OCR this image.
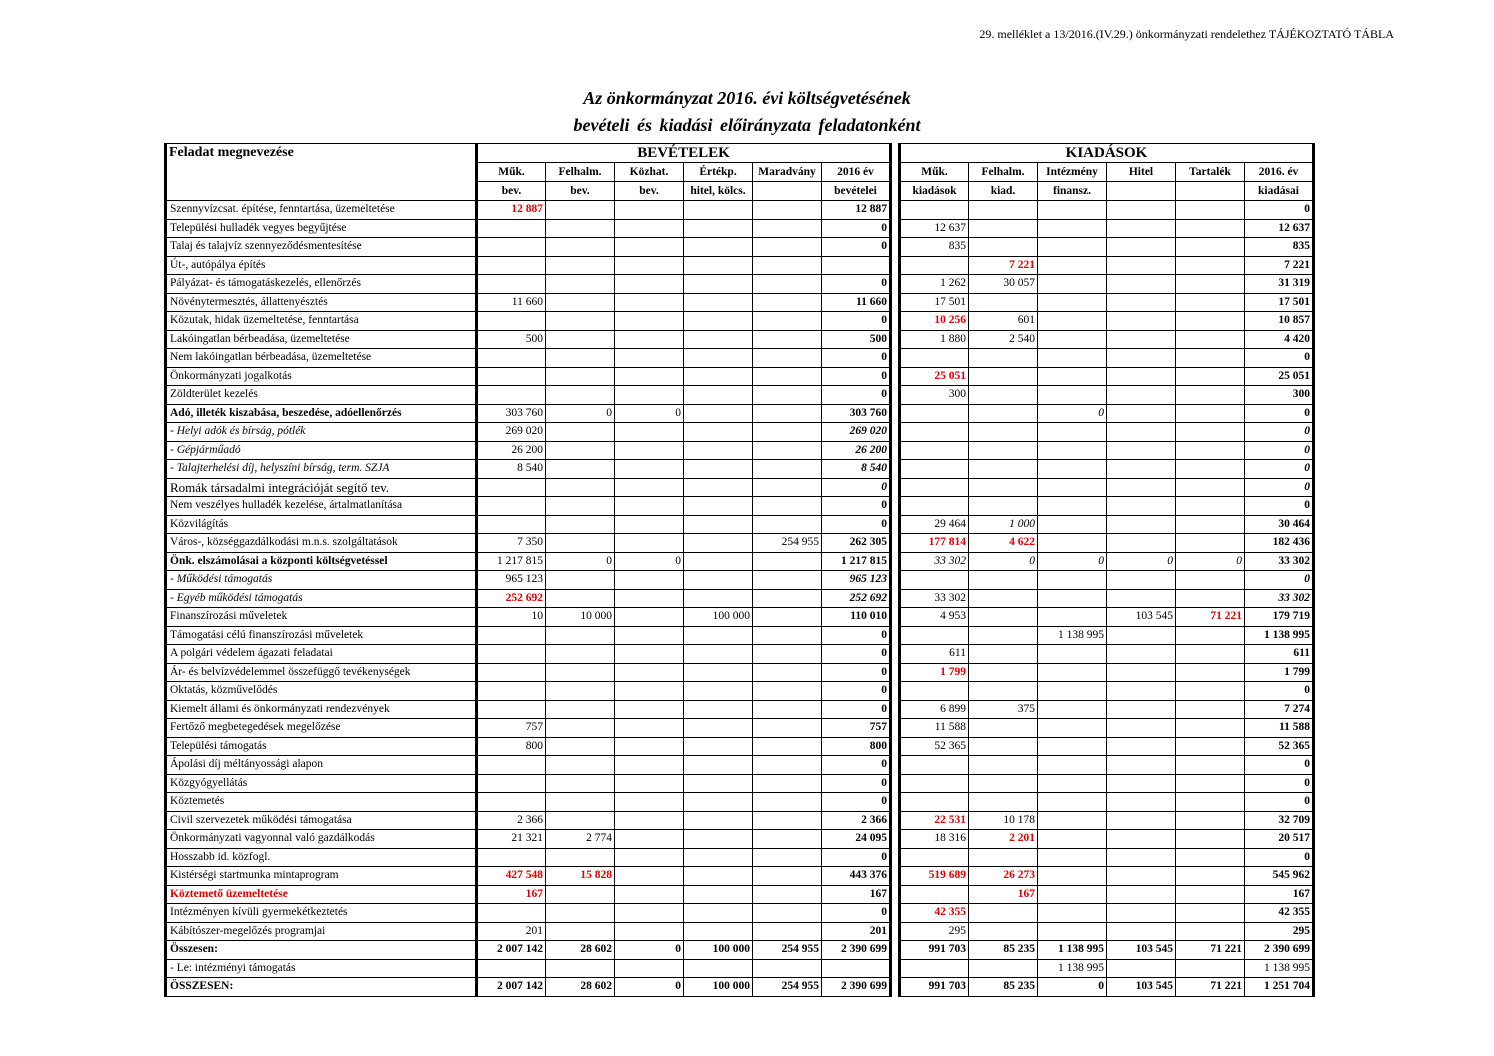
29. melléklet a 13/2016.(IV.29.) önkormányzati rendelethez TÁJÉKOZTATÓ TÁBLA
Az önkormányzat 2016. évi költségvetésének
bevételi és kiadási előirányzata feladatonként
Feladat megnevezése	BEVÉTELEK							KIADÁSOK					
	Műk.	Felhalm.	Közhat.	Értékp.	Maradvány	2016 év		Műk.	Felhalm.	Intézmény	Hitel	Tartalék	2016. év
	bev.	bev.	bev.	hitel, kölcs.		bevételei		kiadások	kiad.	finansz.			kiadásai
Szennyvízcsat. építése, fenntartása, üzemeltetése	12 887					12 887							0
Települési hulladék vegyes begyűjtése						0		12 637					12 637
Talaj és talajvíz szennyeződésmentesítése						0		835					835
Út-, autópálya építés									7 221				7 221
Pályázat- és támogatáskezelés, ellenőrzés						0		1 262	30 057				31 319
Növénytermesztés, állattenyésztés	11 660					11 660		17 501					17 501
Közutak, hidak üzemeltetése, fenntartása						0		10 256	601				10 857
Lakóingatlan bérbeadása, üzemeltetése	500					500		1 880	2 540				4 420
Nem lakóingatlan bérbeadása, üzemeltetése						0							0
Önkormányzati jogalkotás						0		25 051					25 051
Zöldterület kezelés						0		300					300
Adó, illeték kiszabása, beszedése, adóellenőrzés	303 760	0	0			303 760				0			0
- Helyi adók és bírság, pótlék	269 020					269 020							0
- Gépjárműadó	26 200					26 200							0
- Talajterhelési díj, helyszíni bírság, term. SZJA	8 540					8 540							0
Romák társadalmi integrációját segítő tev.						0							0
Nem veszélyes hulladék kezelése, ártalmatlanítása						0							0
Közvilágítás						0		29 464	1 000				30 464
Város-, községgazdálkodási m.n.s. szolgáltatások	7 350				254 955	262 305		177 814	4 622				182 436
Önk. elszámolásai a központi költségvetéssel	1 217 815	0	0			1 217 815		33 302	0	0	0	0	33 302
- Működési támogatás	965 123					965 123							0
- Egyéb működési támogatás	252 692					252 692		33 302					33 302
Finanszírozási műveletek	10	10 000		100 000		110 010		4 953			103 545	71 221	179 719
Támogatási célú finanszírozási műveletek						0				1 138 995			1 138 995
A polgári védelem ágazati feladatai						0		611					611
Ár- és belvízvédelemmel összefüggő tevékenységek						0		1 799					1 799
Oktatás, közművelődés						0							0
Kiemelt állami és önkormányzati rendezvények						0		6 899	375				7 274
Fertőző megbetegedések megelőzése	757					757		11 588					11 588
Települési támogatás	800					800		52 365					52 365
Ápolási díj méltányossági alapon						0							0
Közgyógyellátás						0							0
Köztemetés						0							0
Civil szervezetek működési támogatása	2 366					2 366		22 531	10 178				32 709
Önkormányzati vagyonnal való gazdálkodás	21 321	2 774				24 095		18 316	2 201				20 517
Hosszabb id. közfogl.						0							0
Kistérségi startmunka mintaprogram	427 548	15 828				443 376		519 689	26 273				545 962
Köztemető üzemeltetése	167					167			167				167
Intézményen kívüli gyermekétkeztetés						0		42 355					42 355
Kábítószer-megelőzés programjai	201					201		295					295
Összesen:	2 007 142	28 602	0	100 000	254 955	2 390 699		991 703	85 235	1 138 995	103 545	71 221	2 390 699
- Le: intézményi támogatás										1 138 995			1 138 995
ÖSSZESEN:	2 007 142	28 602	0	100 000	254 955	2 390 699		991 703	85 235	0	103 545	71 221	1 251 704
